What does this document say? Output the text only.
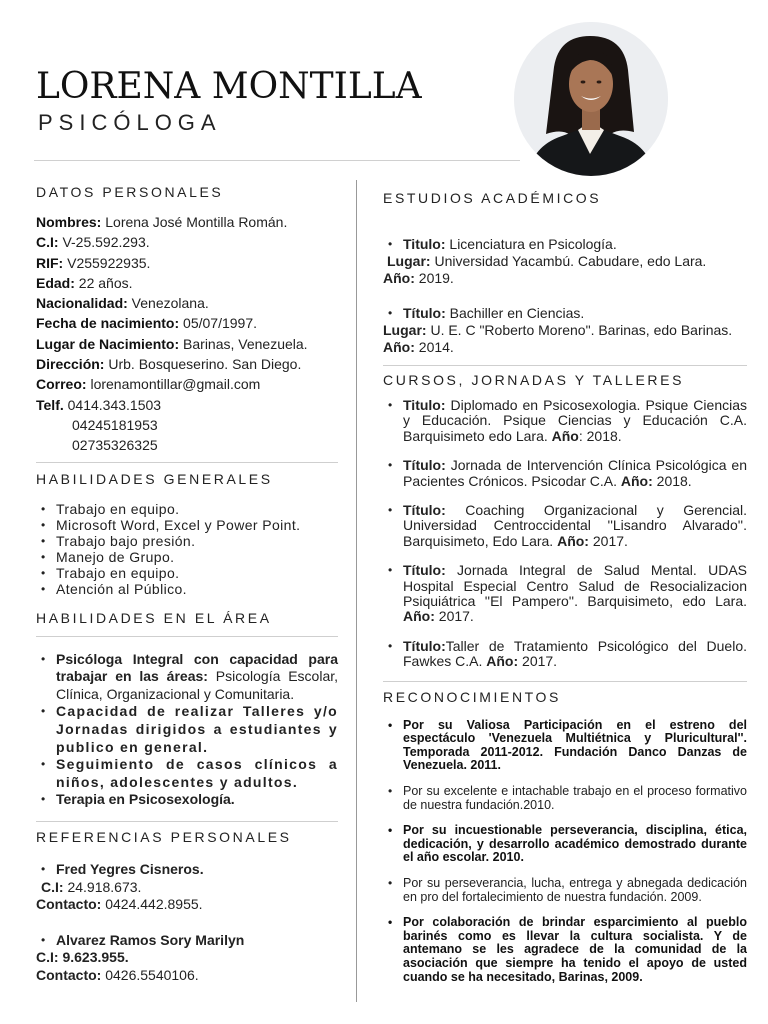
LORENA MONTILLA
PSICÓLOGA
DATOS PERSONALES
Nombres: Lorena José Montilla Román.
C.I: V-25.592.293.
RIF: V255922935.
Edad: 22 años.
Nacionalidad: Venezolana.
Fecha de nacimiento: 05/07/1997.
Lugar de Nacimiento: Barinas, Venezuela.
Dirección: Urb. Bosqueserino. San Diego.
Correo: lorenamontillar@gmail.com
Telf. 0414.343.1503
04245181953
02735326325
HABILIDADES GENERALES
• Trabajo en equipo.
• Microsoft Word, Excel y Power Point.
• Trabajo bajo presión.
• Manejo de Grupo.
• Trabajo en equipo.
• Atención al Público.
HABILIDADES EN EL ÁREA
• Psicóloga Integral con capacidad para trabajar en las áreas: Psicología Escolar, Clínica, Organizacional y Comunitaria.
• Capacidad de realizar Talleres y/o Jornadas dirigidos a estudiantes y publico en general.
• Seguimiento de casos clínicos a niños, adolescentes y adultos.
• Terapia en Psicosexología.
REFERENCIAS PERSONALES
• Fred Yegres Cisneros.
C.I: 24.918.673.
Contacto: 0424.442.8955.
• Alvarez Ramos Sory Marilyn
C.I: 9.623.955.
Contacto: 0426.5540106.
ESTUDIOS ACADÉMICOS
• Titulo: Licenciatura en Psicología.
Lugar: Universidad Yacambú. Cabudare, edo Lara.
Año: 2019.
• Título: Bachiller en Ciencias.
Lugar: U. E. C "Roberto Moreno". Barinas, edo Barinas.
Año: 2014.
CURSOS, JORNADAS Y TALLERES
• Titulo: Diplomado en Psicosexologia. Psique Ciencias y Educación. Psique Ciencias y Educación C.A. Barquisimeto edo Lara. Año: 2018.
• Título: Jornada de Intervención Clínica Psicológica en Pacientes Crónicos. Psicodar C.A. Año: 2018.
• Título: Coaching Organizacional y Gerencial. Universidad Centroccidental ''Lisandro Alvarado''. Barquisimeto, Edo Lara. Año: 2017.
• Título: Jornada Integral de Salud Mental. UDAS Hospital Especial Centro Salud de Resocializacion Psiquiátrica ''El Pampero''. Barquisimeto, edo Lara. Año: 2017.
• Título:Taller de Tratamiento Psicológico del Duelo. Fawkes C.A. Año: 2017.
RECONOCIMIENTOS
• Por su Valiosa Participación en el estreno del espectáculo 'Venezuela Multiétnica y Pluricultural''. Temporada 2011-2012. Fundación Danco Danzas de Venezuela. 2011.
• Por su excelente e intachable trabajo en el proceso formativo de nuestra fundación.2010.
• Por su incuestionable perseverancia, disciplina, ética, dedicación, y desarrollo académico demostrado durante el año escolar. 2010.
• Por su perseverancia, lucha, entrega y abnegada dedicación en pro del fortalecimiento de nuestra fundación. 2009.
• Por colaboración de brindar esparcimiento al pueblo barinés como es llevar la cultura socialista. Y de antemano se les agradece de la comunidad de la asociación que siempre ha tenido el apoyo de usted cuando se ha necesitado, Barinas, 2009.
